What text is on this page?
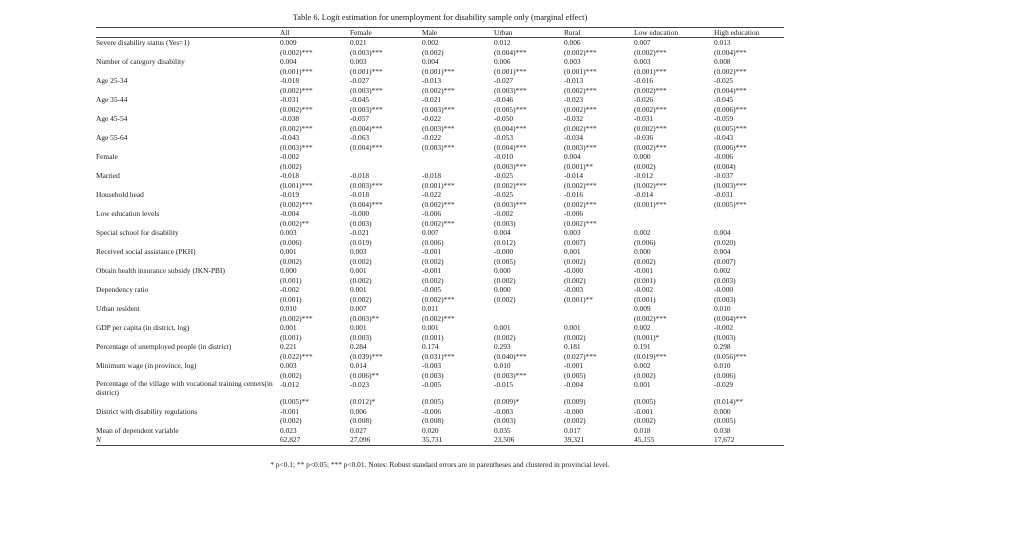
Table 6. Logit estimation for unemployment for disability sample only (marginal effect)
	All	Female	Male	Urban	Rural	Low education	High education
Severe disability status (Yes=1)	0.009	0.021	0.002	0.012	0.006	0.007	0.013
	(0.002)***	(0.003)***	(0.002)	(0.004)***	(0.002)***	(0.002)***	(0.004)***
Number of category disability	0.004	0.003	0.004	0.006	0.003	0.003	0.008
	(0.001)***	(0.001)***	(0.001)***	(0.001)***	(0.001)***	(0.001)***	(0.002)***
Age 25-34	-0.018	-0.027	-0.013	-0.027	-0.013	-0.016	-0.025
	(0.002)***	(0.003)***	(0.002)***	(0.003)***	(0.002)***	(0.002)***	(0.004)***
Age 35-44	-0.031	-0.045	-0.021	-0.046	-0.023	-0.026	-0.045
	(0.002)***	(0.003)***	(0.003)***	(0.005)***	(0.002)***	(0.002)***	(0.006)***
Age 45-54	-0.038	-0.057	-0.022	-0.050	-0.032	-0.031	-0.059
	(0.002)***	(0.004)***	(0.003)***	(0.004)***	(0.002)***	(0.002)***	(0.005)***
Age 55-64	-0.043	-0.063	-0.022	-0.053	-0.034	-0.036	-0.043
	(0.003)***	(0.004)***	(0.003)***	(0.004)***	(0.003)***	(0.002)***	(0.006)***
Female	-0.002			-0.010	0.004	0.000	-0.006
	(0.002)			(0.003)***	(0.001)**	(0.002)	(0.004)
Married	-0.018	-0.018	-0.018	-0.025	-0.014	-0.012	-0.037
	(0.001)***	(0.003)***	(0.001)***	(0.002)***	(0.002)***	(0.002)***	(0.003)***
Household head	-0.019	-0.018	-0.022	-0.025	-0.016	-0.014	-0.031
	(0.002)***	(0.004)***	(0.002)***	(0.003)***	(0.002)***	(0.001)***	(0.005)***
Low education levels	-0.004	-0.000	-0.006	-0.002	-0.006		
	(0.002)**	(0.003)	(0.002)***	(0.003)	(0.002)***		
Special school for disability	0.003	-0.021	0.007	0.004	0.003	0.002	0.004
	(0.006)	(0.019)	(0.006)	(0.012)	(0.007)	(0.006)	(0.020)
Received social assistance (PKH)	0.001	0.003	-0.001	-0.000	0.001	0.000	0.004
	(0.002)	(0.002)	(0.002)	(0.005)	(0.002)	(0.002)	(0.007)
Obtain health insurance subsidy (JKN-PBI)	0.000	0.001	-0.001	0.000	-0.000	-0.001	0.002
	(0.001)	(0.002)	(0.002)	(0.002)	(0.002)	(0.001)	(0.003)
Dependency ratio	-0.002	0.001	-0.005	0.000	-0.003	-0.002	-0.000
	(0.001)	(0.002)	(0.002)***	(0.002)	(0.001)**	(0.001)	(0.003)
Urban resident	0.010	0.007	0.011			0.009	0.010
	(0.002)***	(0.003)**	(0.002)***			(0.002)***	(0.004)***
GDP per capita (in district, log)	0.001	0.001	0.001	0.001	0.001	0.002	-0.002
	(0.001)	(0.003)	(0.001)	(0.002)	(0.002)	(0.001)*	(0.003)
Percentage of unemployed people (in district)	0.221	0.284	0.174	0.293	0.181	0.191	0.298
	(0.022)***	(0.039)***	(0.031)***	(0.040)***	(0.027)***	(0.019)***	(0.056)***
Minimum wage (in province, log)	0.003	0.014	-0.003	0.010	-0.001	0.002	0.010
	(0.002)	(0.006)**	(0.003)	(0.003)***	(0.005)	(0.002)	(0.006)
Percentage of the village with vocational training centers(in district)	-0.012	-0.023	-0.005	-0.015	-0.004	0.001	-0.029
	(0.005)**	(0.012)*	(0.005)	(0.009)*	(0.009)	(0.005)	(0.014)**
District with disability regulations	-0.001	0.006	-0.006	-0.003	-0.000	-0.001	0.000
	(0.002)	(0.008)	(0.008)	(0.003)	(0.002)	(0.002)	(0.005)
Mean of dependent variable	0.023	0.027	0.020	0.035	0.017	0.018	0.038
N	62,827	27,096	35,731	23,506	39,321	45,155	17,672
* p<0.1; ** p<0.05; *** p<0.01. Notes: Robust standard errors are in parentheses and clustered in provincial level.
